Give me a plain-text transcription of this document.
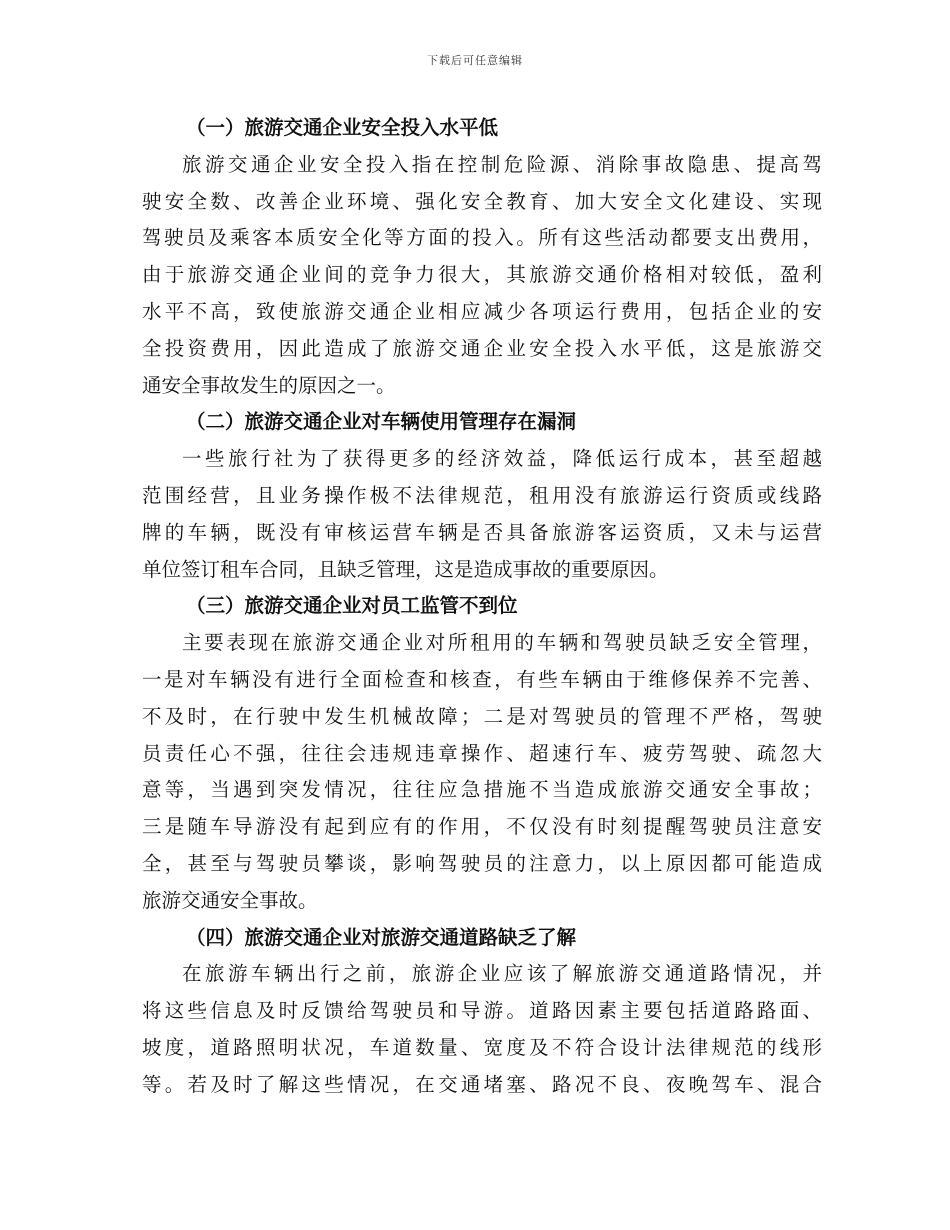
下载后可任意编辑
（一）旅游交通企业安全投入水平低
旅游交通企业安全投入指在控制危险源、消除事故隐患、提高驾
驶安全数、改善企业环境、强化安全教育、加大安全文化建设、实现
驾驶员及乘客本质安全化等方面的投入。所有这些活动都要支出费用，
由于旅游交通企业间的竞争力很大，其旅游交通价格相对较低，盈利
水平不高，致使旅游交通企业相应减少各项运行费用，包括企业的安
全投资费用，因此造成了旅游交通企业安全投入水平低，这是旅游交
通安全事故发生的原因之一。
（二）旅游交通企业对车辆使用管理存在漏洞
一些旅行社为了获得更多的经济效益，降低运行成本，甚至超越
范围经营，且业务操作极不法律规范，租用没有旅游运行资质或线路
牌的车辆，既没有审核运营车辆是否具备旅游客运资质，又未与运营
单位签订租车合同，且缺乏管理，这是造成事故的重要原因。
（三）旅游交通企业对员工监管不到位
主要表现在旅游交通企业对所租用的车辆和驾驶员缺乏安全管理，
一是对车辆没有进行全面检查和核查，有些车辆由于维修保养不完善、
不及时，在行驶中发生机械故障；二是对驾驶员的管理不严格，驾驶
员责任心不强，往往会违规违章操作、超速行车、疲劳驾驶、疏忽大
意等，当遇到突发情况，往往应急措施不当造成旅游交通安全事故；
三是随车导游没有起到应有的作用，不仅没有时刻提醒驾驶员注意安
全，甚至与驾驶员攀谈，影响驾驶员的注意力，以上原因都可能造成
旅游交通安全事故。
（四）旅游交通企业对旅游交通道路缺乏了解
在旅游车辆出行之前，旅游企业应该了解旅游交通道路情况，并
将这些信息及时反馈给驾驶员和导游。道路因素主要包括道路路面、
坡度，道路照明状况，车道数量、宽度及不符合设计法律规范的线形
等。若及时了解这些情况，在交通堵塞、路况不良、夜晚驾车、混合
